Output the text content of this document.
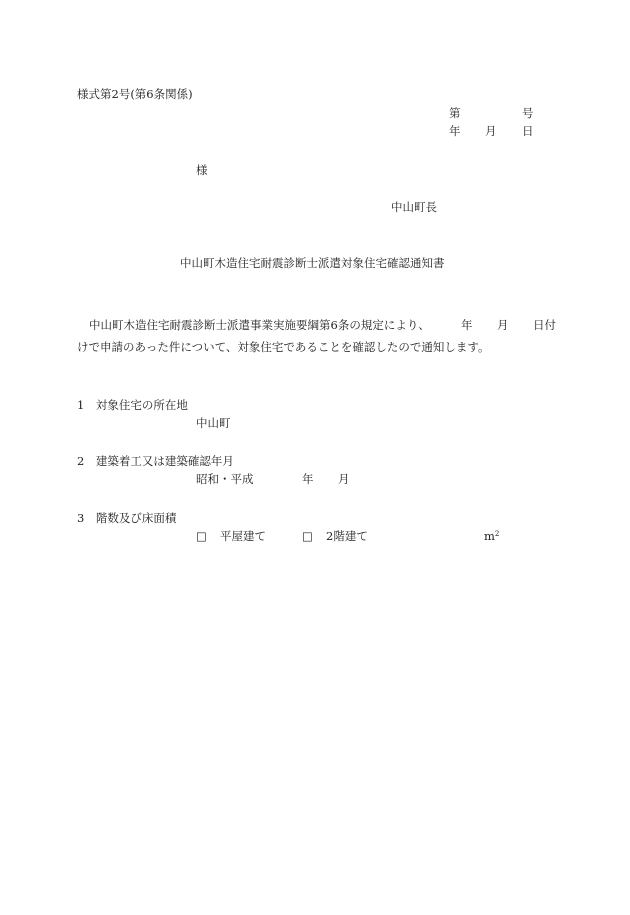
様式第2号(第6条関係)
第	号
年 月 日
様
中山町長
中山町木造住宅耐震診断士派遣対象住宅確認通知書
中山町木造住宅耐震診断士派遣事業実施要綱第6条の規定により、	年 月 日付
けで申請のあった件について、対象住宅であることを確認したので通知します。
1　対象住宅の所在地
中山町
2　建築着工又は建築確認年月
昭和・平成	年 月
3　階数及び床面積
□ 平屋建て	□ 2階建て	$m^2$
